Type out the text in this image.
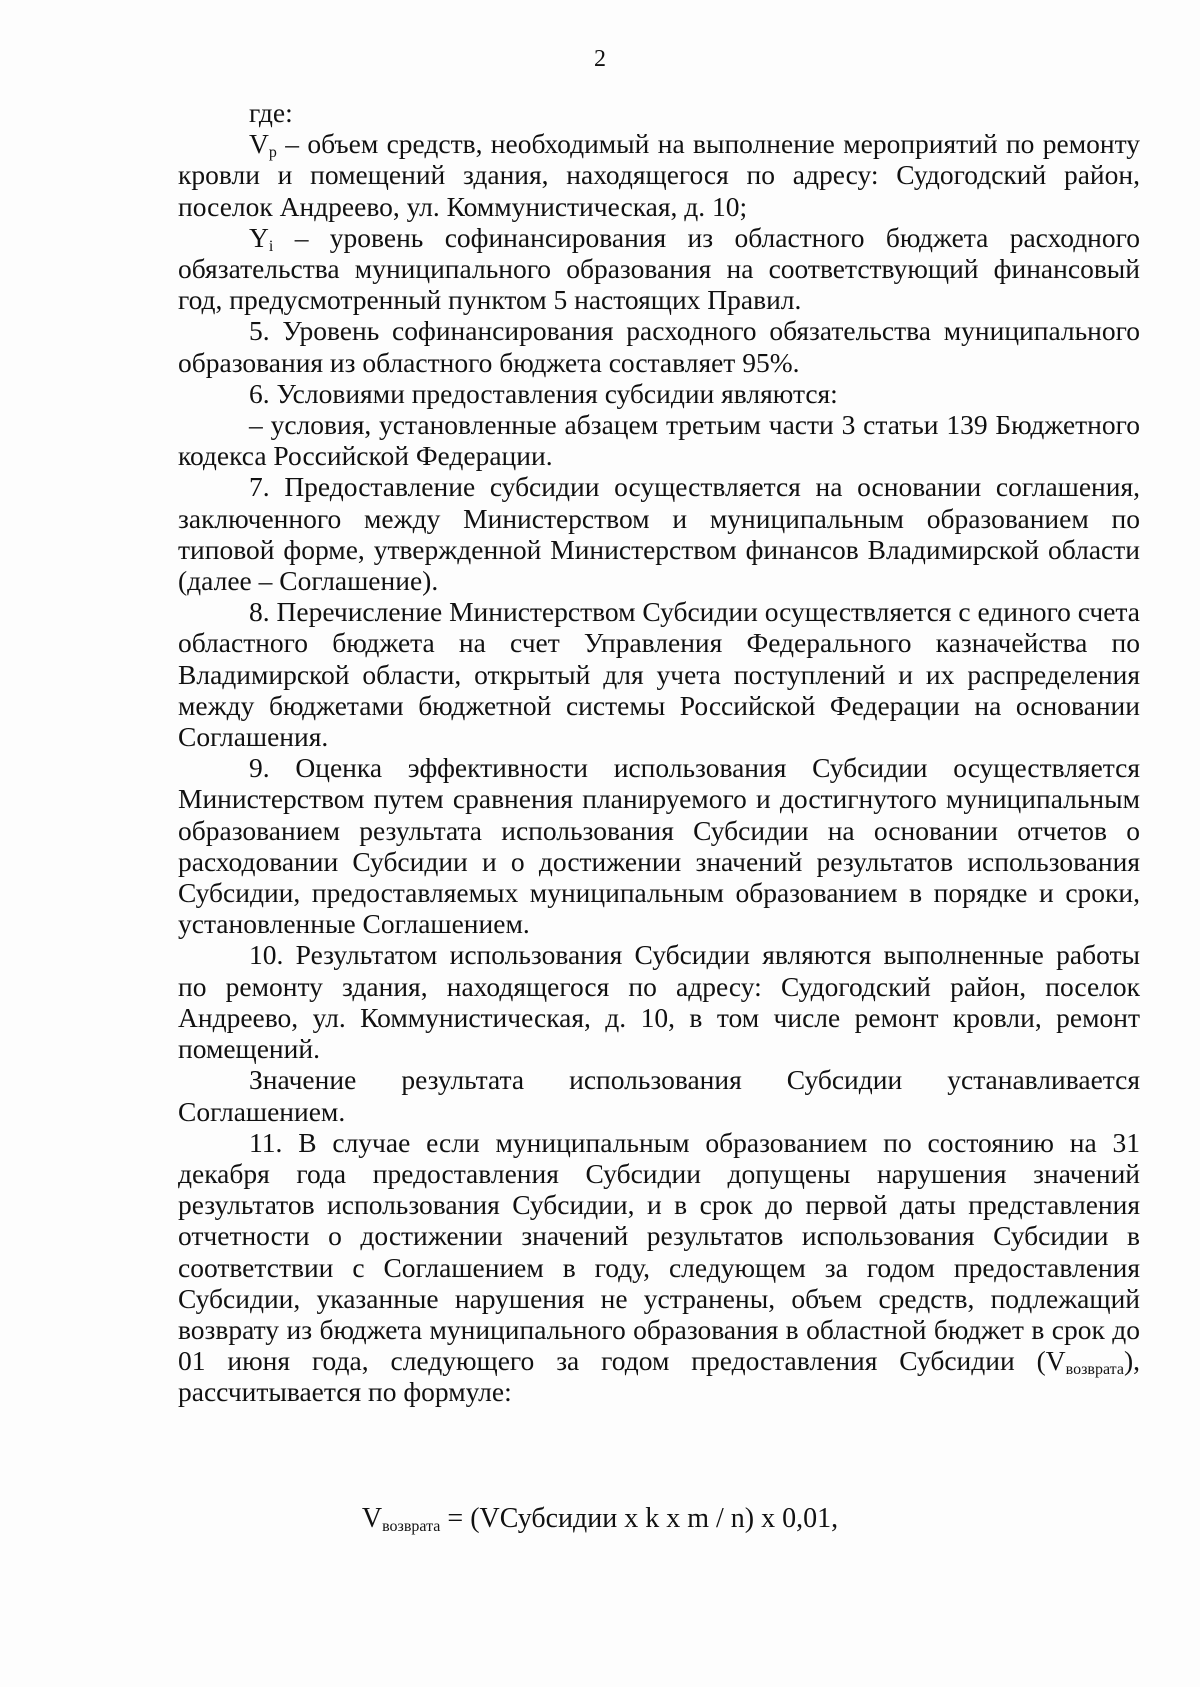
2

где:

$V_р$ – объем средств, необходимый на выполнение мероприятий по ремонту кровли и помещений здания, находящегося по адресу: Судогодский район, поселок Андреево, ул. Коммунистическая, д. 10;

$Y_i$ – уровень софинансирования из областного бюджета расходного обязательства муниципального образования на соответствующий финансовый год, предусмотренный пунктом 5 настоящих Правил.

5. Уровень софинансирования расходного обязательства муниципального образования из областного бюджета составляет 95%.

6. Условиями предоставления субсидии являются:

– условия, установленные абзацем третьим части 3 статьи 139 Бюджетного кодекса Российской Федерации.

7. Предоставление субсидии осуществляется на основании соглашения, заключенного между Министерством и муниципальным образованием по типовой форме, утвержденной Министерством финансов Владимирской области (далее – Соглашение).

8. Перечисление Министерством Субсидии осуществляется с единого счета областного бюджета на счет Управления Федерального казначейства по Владимирской области, открытый для учета поступлений и их распределения между бюджетами бюджетной системы Российской Федерации на основании Соглашения.

9. Оценка эффективности использования Субсидии осуществляется Министерством путем сравнения планируемого и достигнутого муниципальным образованием результата использования Субсидии на основании отчетов о расходовании Субсидии и о достижении значений результатов использования Субсидии, предоставляемых муниципальным образованием в порядке и сроки, установленные Соглашением.

10. Результатом использования Субсидии являются выполненные работы по ремонту здания, находящегося по адресу: Судогодский район, поселок Андреево, ул. Коммунистическая, д. 10, в том числе ремонт кровли, ремонт помещений.

Значение результата использования Субсидии устанавливается Соглашением.

11. В случае если муниципальным образованием по состоянию на 31 декабря года предоставления Субсидии допущены нарушения значений результатов использования Субсидии, и в срок до первой даты представления отчетности о достижении значений результатов использования Субсидии в соответствии с Соглашением в году, следующем за годом предоставления Субсидии, указанные нарушения не устранены, объем средств, подлежащий возврату из бюджета муниципального образования в областной бюджет в срок до 01 июня года, следующего за годом предоставления Субсидии $(V_{возврата})$, рассчитывается по формуле:

$V_{возврата}$ = (VСубсидии x k x m / n) x 0,01,
